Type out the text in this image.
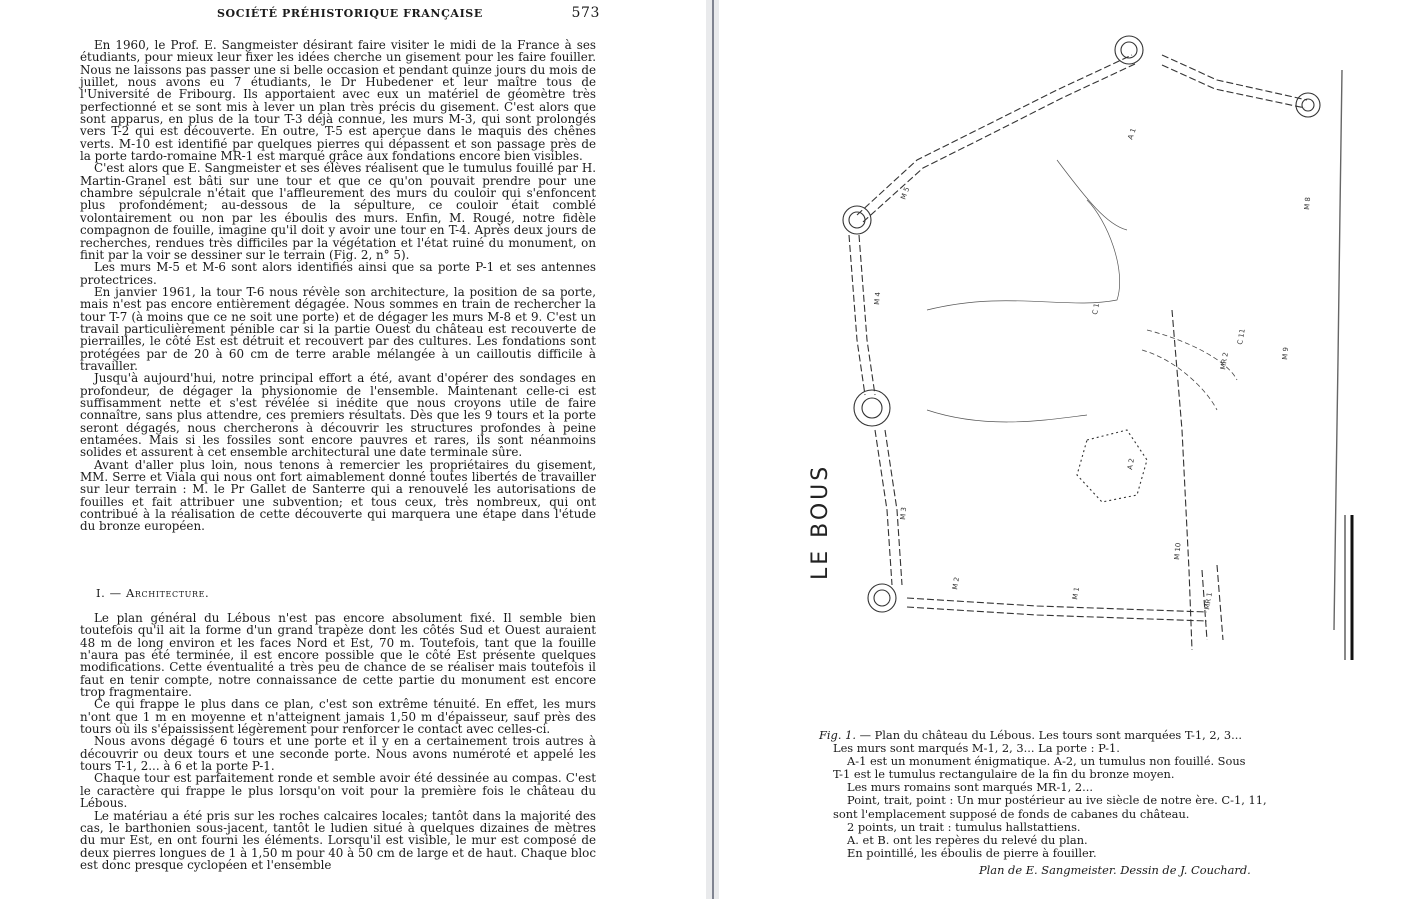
SOCIÉTÉ PRÉHISTORIQUE FRANÇAISE	573

En 1960, le Prof. E. Sangmeister désirant faire visiter le midi de la France à ses étudiants, pour mieux leur fixer les idées cherche un gisement pour les faire fouiller. Nous ne laissons pas passer une si belle occasion et pendant quinze jours du mois de juillet, nous avons eu 7 étudiants, le Dr Hubedener et leur maître tous de l'Université de Fribourg. Ils apportaient avec eux un matériel de géomètre très perfectionné et se sont mis à lever un plan très précis du gisement. C'est alors que sont apparus, en plus de la tour T-3 déjà connue, les murs M-3, qui sont prolongés vers T-2 qui est découverte. En outre, T-5 est aperçue dans le maquis des chênes verts. M-10 est identifié par quelques pierres qui dépassent et son passage près de la porte tardo-romaine MR-1 est marqué grâce aux fondations encore bien visibles.

C'est alors que E. Sangmeister et ses élèves réalisent que le tumulus fouillé par H. Martin-Granel est bâti sur une tour et que ce qu'on pouvait prendre pour une chambre sépulcrale n'était que l'affleurement des murs du couloir qui s'enfoncent plus profondément; au-dessous de la sépulture, ce couloir était comblé volontairement ou non par les éboulis des murs. Enfin, M. Rougé, notre fidèle compagnon de fouille, imagine qu'il doit y avoir une tour en T-4. Après deux jours de recherches, rendues très difficiles par la végétation et l'état ruiné du monument, on finit par la voir se dessiner sur le terrain (Fig. 2, n° 5).

Les murs M-5 et M-6 sont alors identifiés ainsi que sa porte P-1 et ses antennes protectrices.

En janvier 1961, la tour T-6 nous révèle son architecture, la position de sa porte, mais n'est pas encore entièrement dégagée. Nous sommes en train de rechercher la tour T-7 (à moins que ce ne soit une porte) et de dégager les murs M-8 et 9. C'est un travail particulièrement pénible car si la partie Ouest du château est recouverte de pierrailles, le côté Est est détruit et recouvert par des cultures. Les fondations sont protégées par de 20 à 60 cm de terre arable mélangée à un cailloutis difficile à travailler.

Jusqu'à aujourd'hui, notre principal effort a été, avant d'opérer des sondages en profondeur, de dégager la physionomie de l'ensemble. Maintenant celle-ci est suffisamment nette et s'est révélée si inédite que nous croyons utile de faire connaître, sans plus attendre, ces premiers résultats. Dès que les 9 tours et la porte seront dégagés, nous chercherons à découvrir les structures profondes à peine entamées. Mais si les fossiles sont encore pauvres et rares, ils sont néanmoins solides et assurent à cet ensemble architectural une date terminale sûre.

Avant d'aller plus loin, nous tenons à remercier les propriétaires du gisement, MM. Serre et Viala qui nous ont fort aimablement donné toutes libertés de travailler sur leur terrain : M. le Pr Gallet de Santerre qui a renouvelé les autorisations de fouilles et fait attribuer une subvention; et tous ceux, très nombreux, qui ont contribué à la réalisation de cette découverte qui marquera une étape dans l'étude du bronze européen.

I. — Architecture.

Le plan général du Lébous n'est pas encore absolument fixé. Il semble bien toutefois qu'il ait la forme d'un grand trapèze dont les côtés Sud et Ouest auraient 48 m de long environ et les faces Nord et Est, 70 m. Toutefois, tant que la fouille n'aura pas été terminée, il est encore possible que le côté Est présente quelques modifications. Cette éventualité a très peu de chance de se réaliser mais toutefois il faut en tenir compte, notre connaissance de cette partie du monument est encore trop fragmentaire.

Ce qui frappe le plus dans ce plan, c'est son extrême ténuité. En effet, les murs n'ont que 1 m en moyenne et n'atteignent jamais 1,50 m d'épaisseur, sauf près des tours où ils s'épaississent légèrement pour renforcer le contact avec celles-ci.

Nous avons dégagé 6 tours et une porte et il y en a certainement trois autres à découvrir ou deux tours et une seconde porte. Nous avons numéroté et appelé les tours T-1, 2... à 6 et la porte P-1.

Chaque tour est parfaitement ronde et semble avoir été dessinée au compas. C'est le caractère qui frappe le plus lorsqu'on voit pour la première fois le château du Lébous.

Le matériau a été pris sur les roches calcaires locales; tantôt dans la majorité des cas, le barthonien sous-jacent, tantôt le ludien situé à quelques dizaines de mètres du mur Est, en ont fourni les éléments. Lorsqu'il est visible, le mur est composé de deux pierres longues de 1 à 1,50 m pour 40 à 50 cm de large et de haut. Chaque bloc est donc presque cyclopéen et l'ensemble

LE BOUS
M 5
M 4
M 3
M 2
M 1
M 10
M 9
M 8
A 1
A 2
C 1
C 11
MR 1
MR 2
Fig. 1. — Plan du château du Lébous. Les tours sont marquées T-1, 2, 3...
Les murs sont marqués M-1, 2, 3... La porte : P-1.
A-1 est un monument énigmatique. A-2, un tumulus non fouillé. Sous
T-1 est le tumulus rectangulaire de la fin du bronze moyen.
Les murs romains sont marqués MR-1, 2...
Point, trait, point : Un mur postérieur au ive siècle de notre ère. C-1, 11,
sont l'emplacement supposé de fonds de cabanes du château.
2 points, un trait : tumulus hallstattiens.
A. et B. ont les repères du relevé du plan.
En pointillé, les éboulis de pierre à fouiller.
Plan de E. Sangmeister. Dessin de J. Couchard.
